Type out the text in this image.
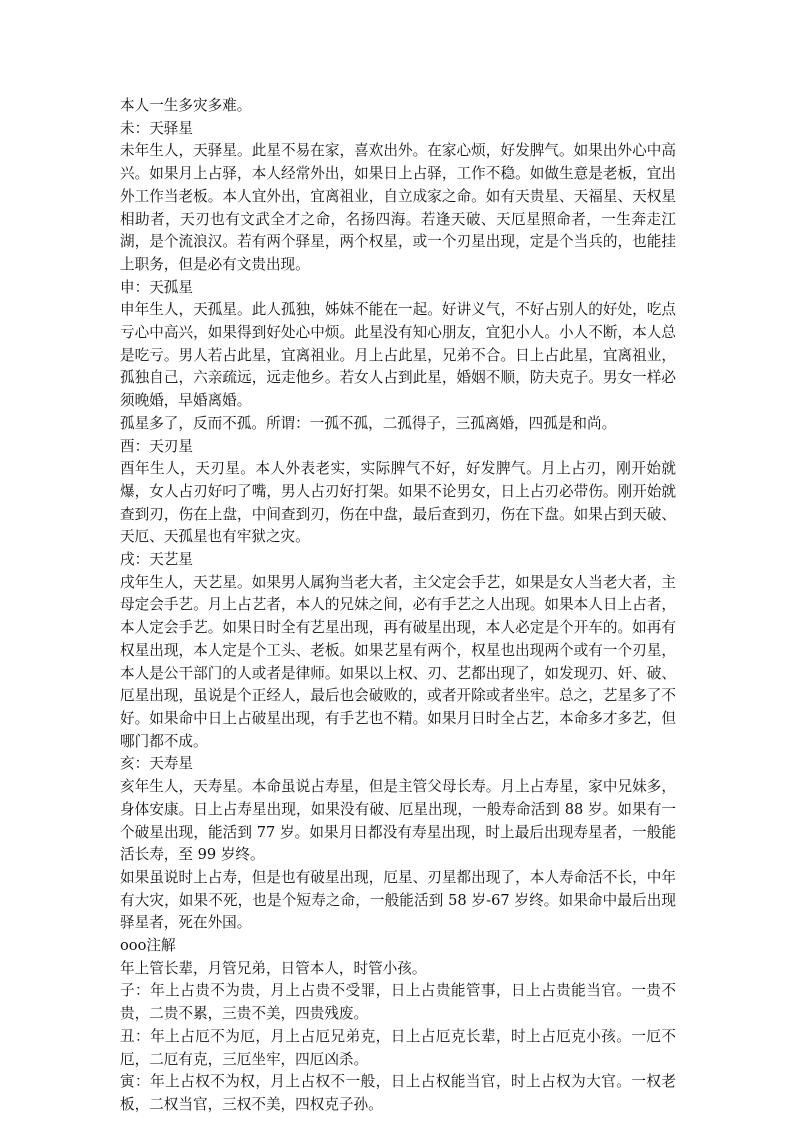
本人一生多灾多难。

未：天驿星

未年生人，天驿星。此星不易在家，喜欢出外。在家心烦，好发脾气。如果出外心中高兴。如果月上占驿，本人经常外出，如果日上占驿，工作不稳。如做生意是老板，宜出外工作当老板。本人宜外出，宜离祖业，自立成家之命。如有天贵星、天福星、天权星相助者，天刃也有文武全才之命，名扬四海。若逢天破、天厄星照命者，一生奔走江湖，是个流浪汉。若有两个驿星，两个权星，或一个刃星出现，定是个当兵的，也能挂上职务，但是必有文贵出现。

申：天孤星

申年生人，天孤星。此人孤独，姊妹不能在一起。好讲义气，不好占别人的好处，吃点亏心中高兴，如果得到好处心中烦。此星没有知心朋友，宜犯小人。小人不断，本人总是吃亏。男人若占此星，宜离祖业。月上占此星，兄弟不合。日上占此星，宜离祖业，孤独自己，六亲疏远，远走他乡。若女人占到此星，婚姻不顺，防夫克子。男女一样必须晚婚，早婚离婚。

孤星多了，反而不孤。所谓：一孤不孤，二孤得子，三孤离婚，四孤是和尚。

酉：天刃星

酉年生人，天刃星。本人外表老实，实际脾气不好，好发脾气。月上占刃，刚开始就爆，女人占刃好叼了嘴，男人占刃好打架。如果不论男女，日上占刃必带伤。刚开始就查到刃，伤在上盘，中间查到刃，伤在中盘，最后查到刃，伤在下盘。如果占到天破、天厄、天孤星也有牢狱之灾。

戌：天艺星

戌年生人，天艺星。如果男人属狗当老大者，主父定会手艺，如果是女人当老大者，主母定会手艺。月上占艺者，本人的兄妹之间，必有手艺之人出现。如果本人日上占者，本人定会手艺。如果日时全有艺星出现，再有破星出现，本人必定是个开车的。如再有权星出现，本人定是个工头、老板。如果艺星有两个，权星也出现两个或有一个刃星，本人是公干部门的人或者是律师。如果以上权、刃、艺都出现了，如发现刃、奸、破、厄星出现，虽说是个正经人，最后也会破败的，或者开除或者坐牢。总之，艺星多了不好。如果命中日上占破星出现，有手艺也不精。如果月日时全占艺，本命多才多艺，但哪门都不成。

亥：天寿星

亥年生人，天寿星。本命虽说占寿星，但是主管父母长寿。月上占寿星，家中兄妹多，身体安康。日上占寿星出现，如果没有破、厄星出现，一般寿命活到 88 岁。如果有一个破星出现，能活到 77 岁。如果月日都没有寿星出现，时上最后出现寿星者，一般能活长寿，至 99 岁终。

如果虽说时上占寿，但是也有破星出现，厄星、刃星都出现了，本人寿命活不长，中年有大灾，如果不死，也是个短寿之命，一般能活到 58 岁-67 岁终。如果命中最后出现驿星者，死在外国。

ooo注解

年上管长辈，月管兄弟，日管本人，时管小孩。

子：年上占贵不为贵，月上占贵不受罪，日上占贵能管事，日上占贵能当官。一贵不贵，二贵不累，三贵不美，四贵残废。

丑：年上占厄不为厄，月上占厄兄弟克，日上占厄克长辈，时上占厄克小孩。一厄不厄，二厄有克，三厄坐牢，四厄凶杀。

寅：年上占权不为权，月上占权不一般，日上占权能当官，时上占权为大官。一权老板，二权当官，三权不美，四权克子孙。
